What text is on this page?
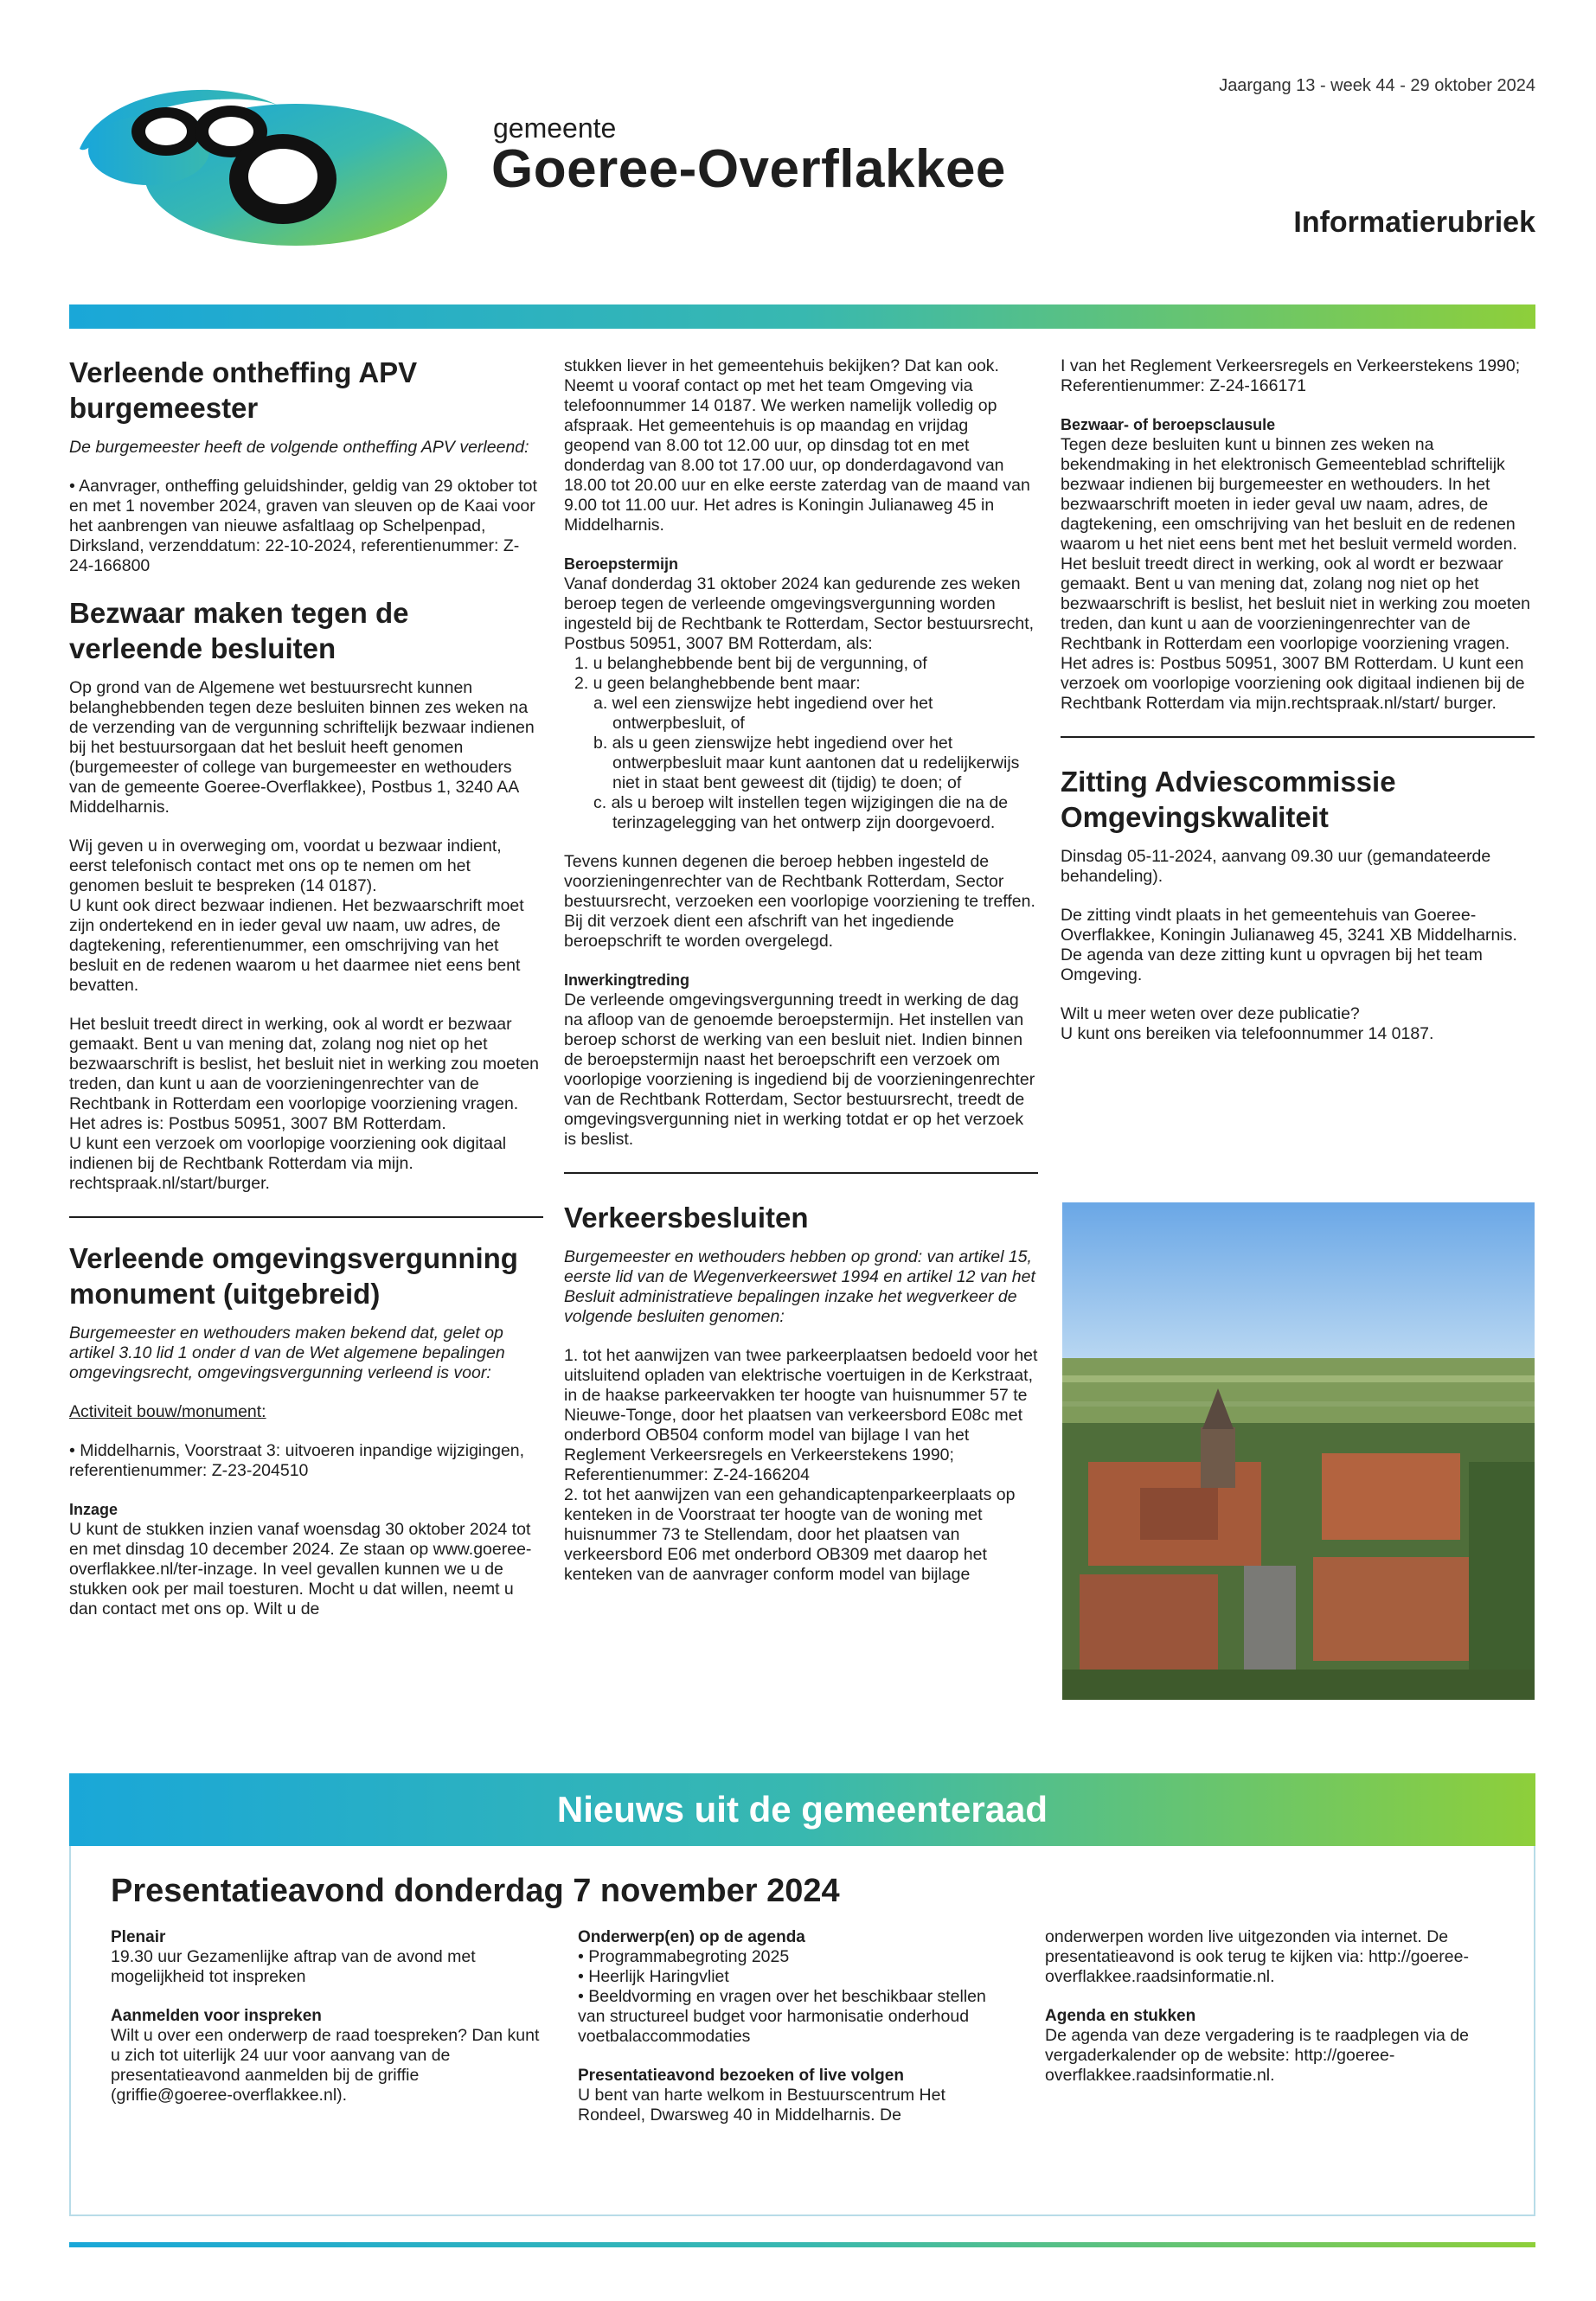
gemeente
Goeree-Overflakkee
Jaargang 13 - week 44 - 29 oktober 2024
Informatierubriek
Verleende ontheffing APV burgemeester

De burgemeester heeft de volgende ontheffing APV verleend:

• Aanvrager, ontheffing geluidshinder, geldig van 29 oktober tot en met 1 november 2024, graven van sleuven op de Kaai voor het aanbrengen van nieuwe asfaltlaag op Schelpenpad, Dirksland, verzenddatum: 22-10-2024, referentienummer: Z-24-166800

Bezwaar maken tegen de verleende besluiten

Op grond van de Algemene wet bestuursrecht kunnen belanghebbenden tegen deze besluiten binnen zes weken na de verzending van de vergunning schriftelijk bezwaar indienen bij het bestuursorgaan dat het besluit heeft genomen (burgemeester of college van burgemeester en wethouders van de gemeente Goeree-Overflakkee), Postbus 1, 3240 AA Middelharnis.

Wij geven u in overweging om, voordat u bezwaar indient, eerst telefonisch contact met ons op te nemen om het genomen besluit te bespreken (14 0187).

U kunt ook direct bezwaar indienen. Het bezwaarschrift moet zijn ondertekend en in ieder geval uw naam, uw adres, de dagtekening, referentienummer, een omschrijving van het besluit en de redenen waarom u het daarmee niet eens bent bevatten.

Het besluit treedt direct in werking, ook al wordt er bezwaar gemaakt. Bent u van mening dat, zolang nog niet op het bezwaarschrift is beslist, het besluit niet in werking zou moeten treden, dan kunt u aan de voorzieningenrechter van de Rechtbank in Rotterdam een voorlopige voorziening vragen.

Het adres is: Postbus 50951, 3007 BM Rotterdam.

U kunt een verzoek om voorlopige voorziening ook digitaal indienen bij de Rechtbank Rotterdam via mijn. rechtspraak.nl/start/burger.

Verleende omgevingsvergunning monument (uitgebreid)

Burgemeester en wethouders maken bekend dat, gelet op artikel 3.10 lid 1 onder d van de Wet algemene bepalingen omgevingsrecht, omgevingsvergunning verleend is voor:

Activiteit bouw/monument:

• Middelharnis, Voorstraat 3: uitvoeren inpandige wijzigingen, referentienummer: Z-23-204510

Inzage

U kunt de stukken inzien vanaf woensdag 30 oktober 2024 tot en met dinsdag 10 december 2024. Ze staan op www.goeree-overflakkee.nl/ter-inzage. In veel gevallen kunnen we u de stukken ook per mail toesturen. Mocht u dat willen, neemt u dan contact met ons op. Wilt u de

stukken liever in het gemeentehuis bekijken? Dat kan ook. Neemt u vooraf contact op met het team Omgeving via telefoonnummer 14 0187. We werken namelijk volledig op afspraak. Het gemeentehuis is op maandag en vrijdag geopend van 8.00 tot 12.00 uur, op dinsdag tot en met donderdag van 8.00 tot 17.00 uur, op donderdagavond van 18.00 tot 20.00 uur en elke eerste zaterdag van de maand van 9.00 tot 11.00 uur. Het adres is Koningin Julianaweg 45 in Middelharnis.

Beroepstermijn

Vanaf donderdag 31 oktober 2024 kan gedurende zes weken beroep tegen de verleende omgevingsvergunning worden ingesteld bij de Rechtbank te Rotterdam, Sector bestuursrecht, Postbus 50951, 3007 BM Rotterdam, als:

1. u belanghebbende bent bij de vergunning, of

2. u geen belanghebbende bent maar:

a. wel een zienswijze hebt ingediend over het ontwerpbesluit, of

b. als u geen zienswijze hebt ingediend over het ontwerpbesluit maar kunt aantonen dat u redelijkerwijs niet in staat bent geweest dit (tijdig) te doen; of

c. als u beroep wilt instellen tegen wijzigingen die na de terinzagelegging van het ontwerp zijn doorgevoerd.

Tevens kunnen degenen die beroep hebben ingesteld de voorzieningenrechter van de Rechtbank Rotterdam, Sector bestuursrecht, verzoeken een voorlopige voorziening te treffen. Bij dit verzoek dient een afschrift van het ingediende beroepschrift te worden overgelegd.

Inwerkingtreding

De verleende omgevingsvergunning treedt in werking de dag na afloop van de genoemde beroepstermijn. Het instellen van beroep schorst de werking van een besluit niet. Indien binnen de beroepstermijn naast het beroepschrift een verzoek om voorlopige voorziening is ingediend bij de voorzieningenrechter van de Rechtbank Rotterdam, Sector bestuursrecht, treedt de omgevingsvergunning niet in werking totdat er op het verzoek is beslist.

Verkeersbesluiten

Burgemeester en wethouders hebben op grond: van artikel 15, eerste lid van de Wegenverkeerswet 1994 en artikel 12 van het Besluit administratieve bepalingen inzake het wegverkeer de volgende besluiten genomen:

1. tot het aanwijzen van twee parkeerplaatsen bedoeld voor het uitsluitend opladen van elektrische voertuigen in de Kerkstraat, in de haakse parkeervakken ter hoogte van huisnummer 57 te Nieuwe-Tonge, door het plaatsen van verkeersbord E08c met onderbord OB504 conform model van bijlage I van het Reglement Verkeersregels en Verkeerstekens 1990; Referentienummer: Z-24-166204

2. tot het aanwijzen van een gehandicaptenparkeerplaats op kenteken in de Voorstraat ter hoogte van de woning met huisnummer 73 te Stellendam, door het plaatsen van verkeersbord E06 met onderbord OB309 met daarop het kenteken van de aanvrager conform model van bijlage

I van het Reglement Verkeersregels en Verkeerstekens 1990; Referentienummer: Z-24-166171

Bezwaar- of beroepsclausule

Tegen deze besluiten kunt u binnen zes weken na bekendmaking in het elektronisch Gemeenteblad schriftelijk bezwaar indienen bij burgemeester en wethouders. In het bezwaarschrift moeten in ieder geval uw naam, adres, de dagtekening, een omschrijving van het besluit en de redenen waarom u het niet eens bent met het besluit vermeld worden. Het besluit treedt direct in werking, ook al wordt er bezwaar gemaakt. Bent u van mening dat, zolang nog niet op het bezwaarschrift is beslist, het besluit niet in werking zou moeten treden, dan kunt u aan de voorzieningenrechter van de Rechtbank in Rotterdam een voorlopige voorziening vragen. Het adres is: Postbus 50951, 3007 BM Rotterdam. U kunt een verzoek om voorlopige voorziening ook digitaal indienen bij de Rechtbank Rotterdam via mijn.rechtspraak.nl/start/ burger.

Zitting Adviescommissie Omgevingskwaliteit

Dinsdag 05-11-2024, aanvang 09.30 uur (gemandateerde behandeling).

De zitting vindt plaats in het gemeentehuis van Goeree-Overflakkee, Koningin Julianaweg 45, 3241 XB Middelharnis. De agenda van deze zitting kunt u opvragen bij het team Omgeving.

Wilt u meer weten over deze publicatie?

U kunt ons bereiken via telefoonnummer 14 0187.

Nieuws uit de gemeenteraad
Presentatieavond donderdag 7 november 2024

Plenair

19.30 uur Gezamenlijke aftrap van de avond met mogelijkheid tot inspreken

Aanmelden voor inspreken

Wilt u over een onderwerp de raad toespreken? Dan kunt u zich tot uiterlijk 24 uur voor aanvang van de presentatieavond aanmelden bij de griffie (griffie@goeree-overflakkee.nl).

Onderwerp(en) op de agenda

• Programmabegroting 2025

• Heerlijk Haringvliet

• Beeldvorming en vragen over het beschikbaar stellen van structureel budget voor harmonisatie onderhoud voetbalaccommodaties

Presentatieavond bezoeken of live volgen

U bent van harte welkom in Bestuurscentrum Het Rondeel, Dwarsweg 40 in Middelharnis. De

onderwerpen worden live uitgezonden via internet. De presentatieavond is ook terug te kijken via: http://goeree-overflakkee.raadsinformatie.nl.

Agenda en stukken

De agenda van deze vergadering is te raadplegen via de vergaderkalender op de website: http://goeree-overflakkee.raadsinformatie.nl.
